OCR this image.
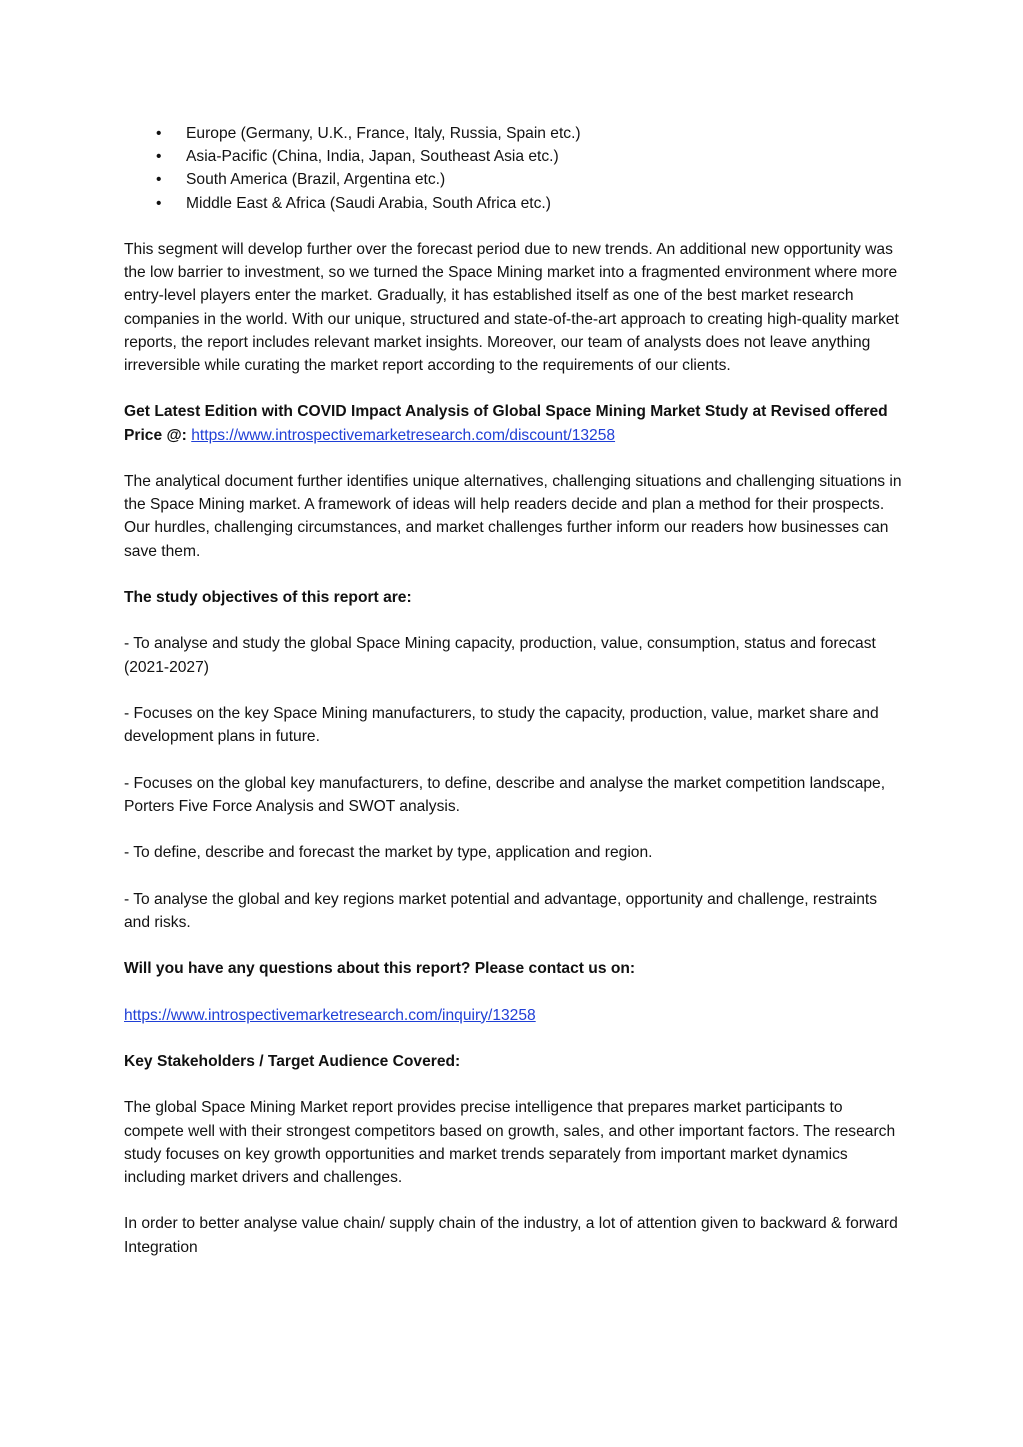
• Europe (Germany, U.K., France, Italy, Russia, Spain etc.)
• Asia-Pacific (China, India, Japan, Southeast Asia etc.)
• South America (Brazil, Argentina etc.)
• Middle East & Africa (Saudi Arabia, South Africa etc.)

This segment will develop further over the forecast period due to new trends. An additional new opportunity was the low barrier to investment, so we turned the Space Mining market into a fragmented environment where more entry-level players enter the market. Gradually, it has established itself as one of the best market research companies in the world. With our unique, structured and state-of-the-art approach to creating high-quality market reports, the report includes relevant market insights. Moreover, our team of analysts does not leave anything irreversible while curating the market report according to the requirements of our clients.

Get Latest Edition with COVID Impact Analysis of Global Space Mining Market Study at Revised offered Price @: https://www.introspectivemarketresearch.com/discount/13258

The analytical document further identifies unique alternatives, challenging situations and challenging situations in the Space Mining market. A framework of ideas will help readers decide and plan a method for their prospects. Our hurdles, challenging circumstances, and market challenges further inform our readers how businesses can save them.

The study objectives of this report are:

- To analyse and study the global Space Mining capacity, production, value, consumption, status and forecast (2021-2027)

- Focuses on the key Space Mining manufacturers, to study the capacity, production, value, market share and development plans in future.

- Focuses on the global key manufacturers, to define, describe and analyse the market competition landscape, Porters Five Force Analysis and SWOT analysis.

- To define, describe and forecast the market by type, application and region.

- To analyse the global and key regions market potential and advantage, opportunity and challenge, restraints and risks.

Will you have any questions about this report? Please contact us on:

https://www.introspectivemarketresearch.com/inquiry/13258

Key Stakeholders / Target Audience Covered:

The global Space Mining Market report provides precise intelligence that prepares market participants to compete well with their strongest competitors based on growth, sales, and other important factors. The research study focuses on key growth opportunities and market trends separately from important market dynamics including market drivers and challenges.

In order to better analyse value chain/ supply chain of the industry, a lot of attention given to backward & forward Integration
